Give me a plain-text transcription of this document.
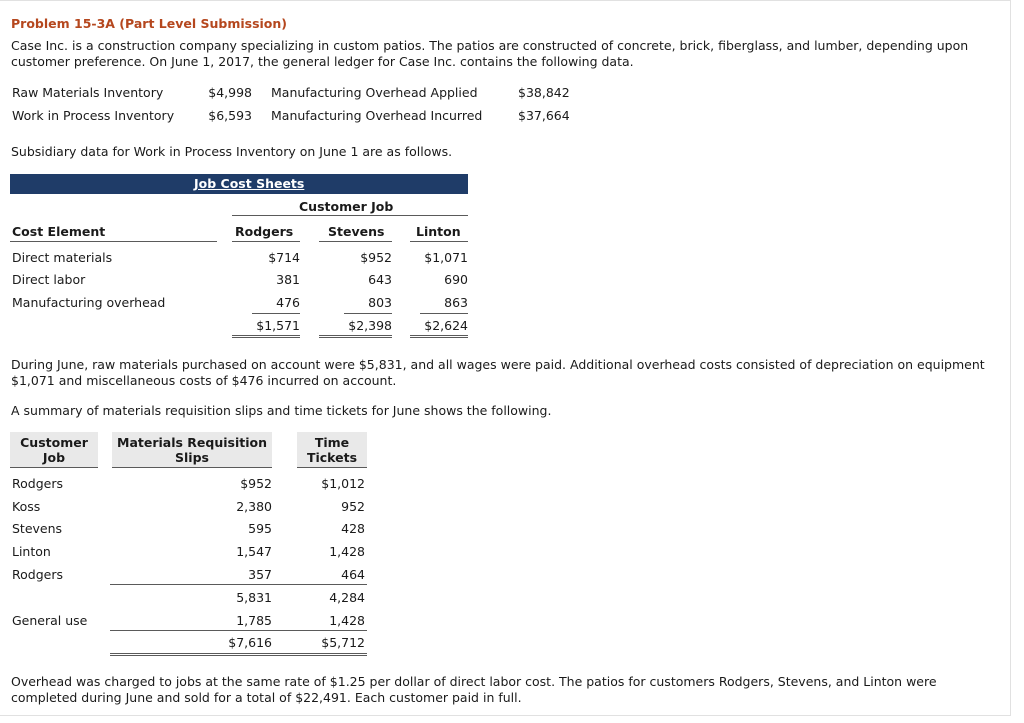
Problem 15-3A (Part Level Submission)
Case Inc. is a construction company specializing in custom patios. The patios are constructed of concrete, brick, fiberglass, and lumber, depending upon customer preference. On June 1, 2017, the general ledger for Case Inc. contains the following data.
Raw Materials Inventory	$4,998 Manufacturing Overhead Applied	$38,842
Work in Process Inventory	$6,593 Manufacturing Overhead Incurred	$37,664
Subsidiary data for Work in Process Inventory on June 1 are as follows.
Job Cost Sheets
Customer Job
Cost Element	Rodgers	Stevens	Linton
Direct materials	$714	$952	$1,071
Direct labor	381	643	690
Manufacturing overhead	476	803	863
$1,571	$2,398	$2,624
During June, raw materials purchased on account were $5,831, and all wages were paid. Additional overhead costs consisted of depreciation on equipment $1,071 and miscellaneous costs of $476 incurred on account.
A summary of materials requisition slips and time tickets for June shows the following.
Customer
Job
Materials Requisition
Slips
Time
Tickets
Rodgers	$952	$1,012
Koss	2,380	952
Stevens	595	428
Linton	1,547	1,428
Rodgers	357	464
5,831	4,284
General use	1,785	1,428
$7,616	$5,712
Overhead was charged to jobs at the same rate of $1.25 per dollar of direct labor cost. The patios for customers Rodgers, Stevens, and Linton were completed during June and sold for a total of $22,491. Each customer paid in full.
